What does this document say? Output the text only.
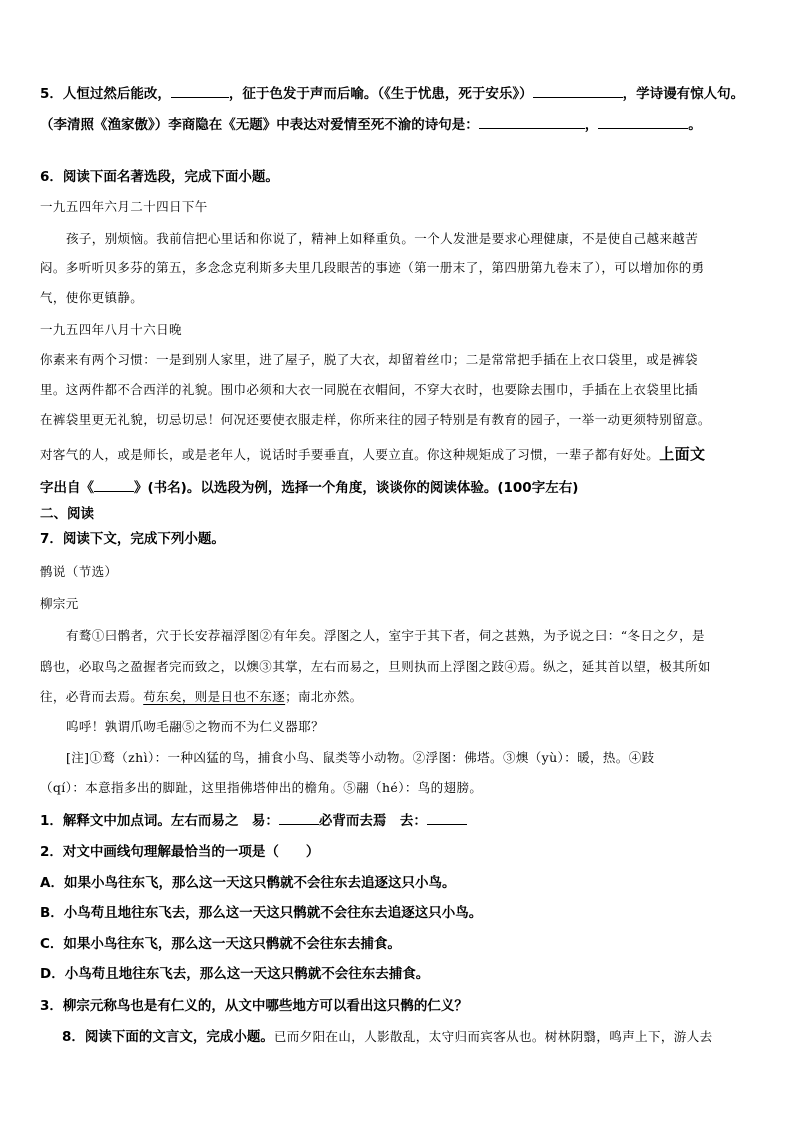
5．人恒过然后能改，	，征于色发于声而后喻。（《生于忧患，死于安乐》）	，学诗谩有惊人句。
（李清照《渔家傲》）李商隐在《无题》中表达对爱情至死不渝的诗句是：	，	。
6．阅读下面名著选段，完成下面小题。
一九五四年六月二十四日下午
孩子，别烦恼。我前信把心里话和你说了，精神上如释重负。一个人发泄是要求心理健康，不是使自己越来越苦
闷。多听听贝多芬的第五，多念念克利斯多夫里几段眼苦的事迹（第一册末了，第四册第九卷末了），可以增加你的勇
气，使你更镇静。
一九五四年八月十六日晚
你素来有两个习惯：一是到别人家里，进了屋子，脱了大衣，却留着丝巾；二是常常把手插在上衣口袋里，或是裤袋
里。这两件都不合西洋的礼貌。围巾必须和大衣一同脱在衣帽间，不穿大衣时，也要除去围巾，手插在上衣袋里比插
在裤袋里更无礼貌，切忌切忌！何况还要使衣服走样，你所来往的园子特别是有教育的园子，一举一动更须特别留意。
对客气的人，或是师长，或是老年人，说话时手要垂直，人要立直。你这种规矩成了习惯，一辈子都有好处。上面文
字出自《	》(书名)。以选段为例，选择一个角度，谈谈你的阅读体验。(100字左右)
二、阅读
7．阅读下文，完成下列小题。
鹘说（节选）
柳宗元
有鹜①曰鹘者，穴于长安荐福浮图②有年矣。浮图之人，室宇于其下者，伺之甚熟，为予说之曰：“冬日之夕，是
鸱也，必取鸟之盈握者完而致之，以燠③其掌，左右而易之，旦则执而上浮图之跂④焉。纵之，延其首以望，极其所如
往，必背而去焉。苟东矣，则是日也不东逐；南北亦然。
呜呼！孰谓爪吻毛翮⑤之物而不为仁义器耶？
[注]①鹜（zhì）：一种凶猛的鸟，捕食小鸟、鼠类等小动物。②浮图：佛塔。③燠（yù）：暖，热。④跂
（qí）：本意指多出的脚趾，这里指佛塔伸出的檐角。⑤翮（hé）：鸟的翅膀。
1．解释文中加点词。左右而易之　易：	必背而去焉　去：
2．对文中画线句理解最恰当的一项是（　　）
A．如果小鸟往东飞，那么这一天这只鹘就不会往东去追逐这只小鸟。
B．小鸟苟且地往东飞去，那么这一天这只鹘就不会往东去追逐这只小鸟。
C．如果小鸟往东飞，那么这一天这只鹘就不会往东去捕食。
D．小鸟苟且地往东飞去，那么这一天这只鹘就不会往东去捕食。
3．柳宗元称鸟也是有仁义的，从文中哪些地方可以看出这只鹘的仁义？
8．阅读下面的文言文，完成小题。已而夕阳在山，人影散乱，太守归而宾客从也。树林阴翳，鸣声上下，游人去
